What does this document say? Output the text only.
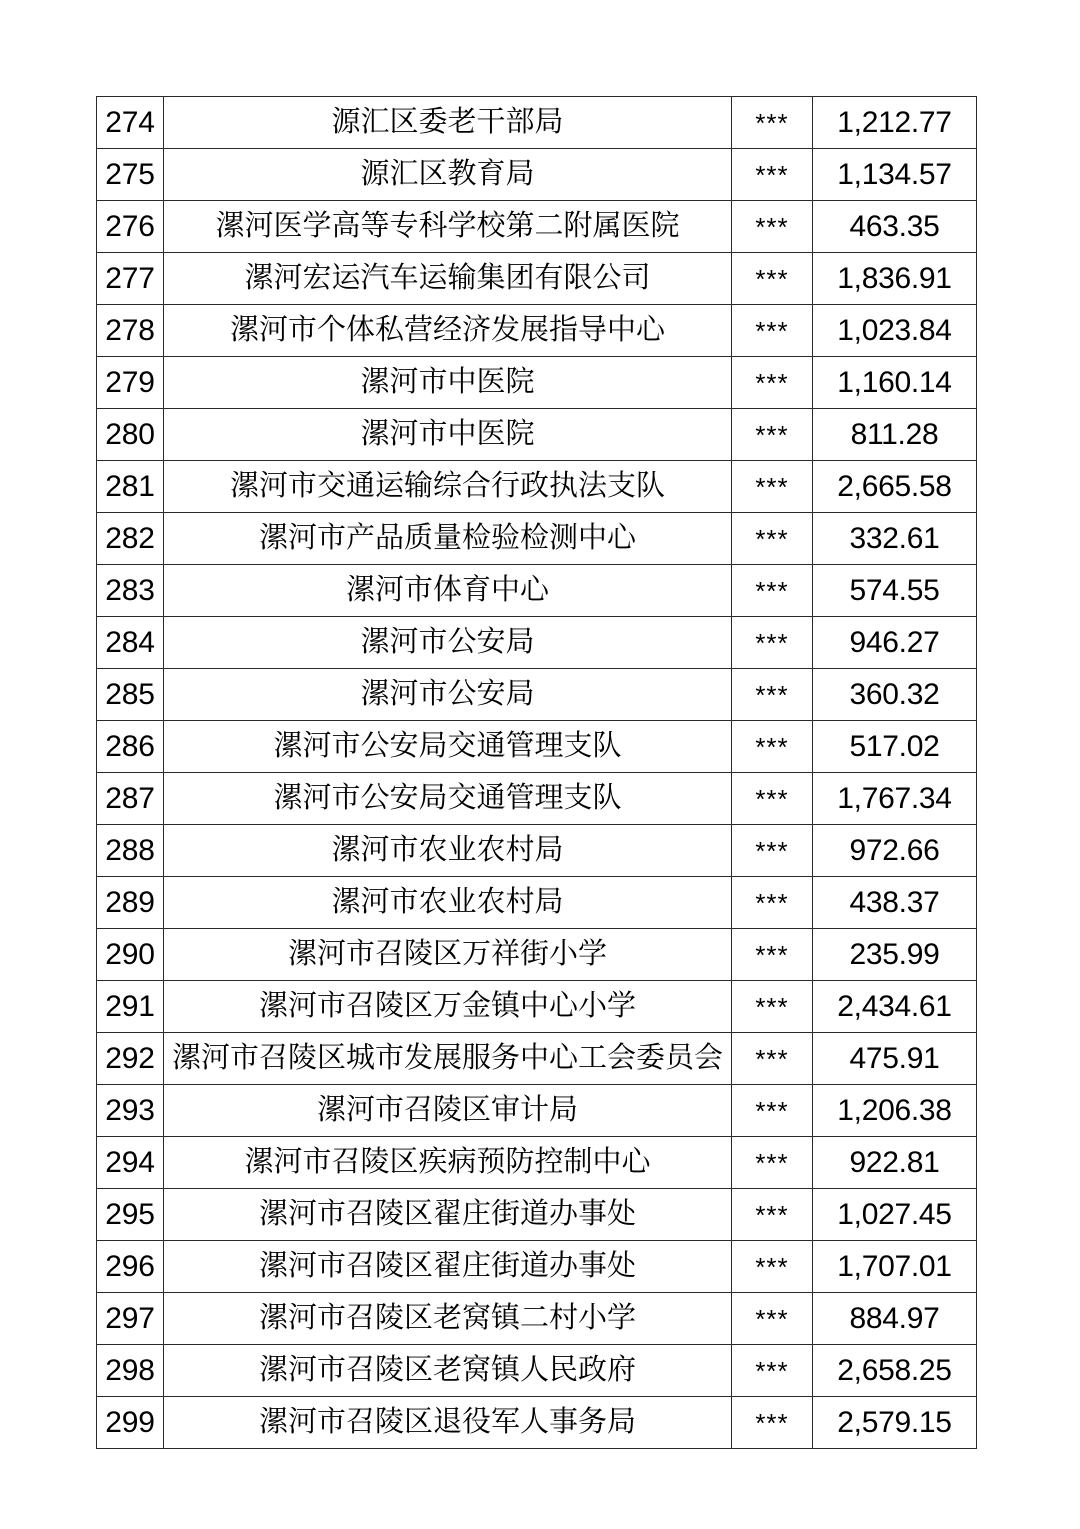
274	源汇区委老干部局	***	1,212.77
275	源汇区教育局	***	1,134.57
276	漯河医学高等专科学校第二附属医院	***	463.35
277	漯河宏运汽车运输集团有限公司	***	1,836.91
278	漯河市个体私营经济发展指导中心	***	1,023.84
279	漯河市中医院	***	1,160.14
280	漯河市中医院	***	811.28
281	漯河市交通运输综合行政执法支队	***	2,665.58
282	漯河市产品质量检验检测中心	***	332.61
283	漯河市体育中心	***	574.55
284	漯河市公安局	***	946.27
285	漯河市公安局	***	360.32
286	漯河市公安局交通管理支队	***	517.02
287	漯河市公安局交通管理支队	***	1,767.34
288	漯河市农业农村局	***	972.66
289	漯河市农业农村局	***	438.37
290	漯河市召陵区万祥街小学	***	235.99
291	漯河市召陵区万金镇中心小学	***	2,434.61
292	漯河市召陵区城市发展服务中心工会委员会	***	475.91
293	漯河市召陵区审计局	***	1,206.38
294	漯河市召陵区疾病预防控制中心	***	922.81
295	漯河市召陵区翟庄街道办事处	***	1,027.45
296	漯河市召陵区翟庄街道办事处	***	1,707.01
297	漯河市召陵区老窝镇二村小学	***	884.97
298	漯河市召陵区老窝镇人民政府	***	2,658.25
299	漯河市召陵区退役军人事务局	***	2,579.15
